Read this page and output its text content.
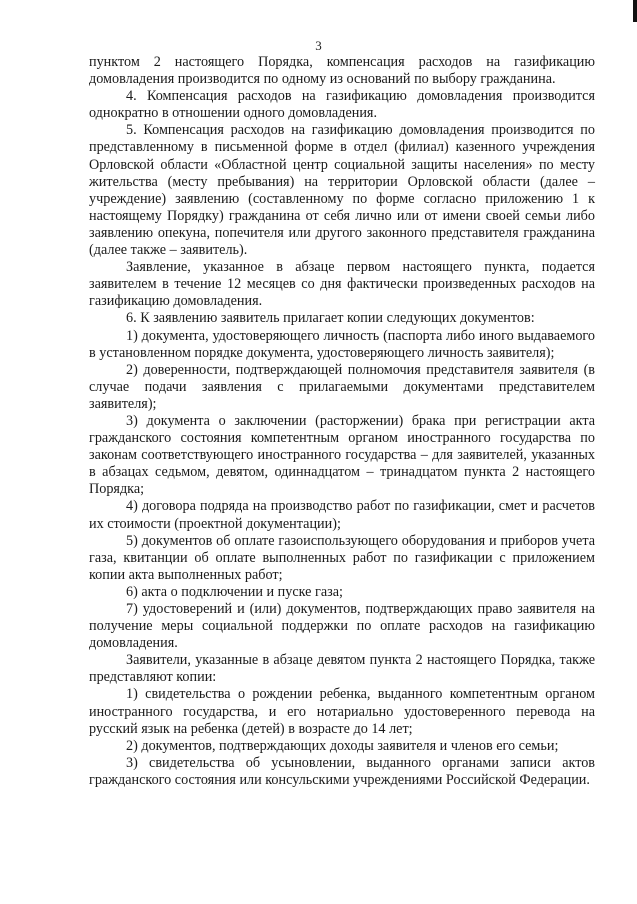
3

пунктом 2 настоящего Порядка, компенсация расходов на газификацию домовладения производится по одному из оснований по выбору гражданина.

4. Компенсация расходов на газификацию домовладения производится однократно в отношении одного домовладения.

5. Компенсация расходов на газификацию домовладения производится по представленному в письменной форме в отдел (филиал) казенного учреждения Орловской области «Областной центр социальной защиты населения» по месту жительства (месту пребывания) на территории Орловской области (далее – учреждение) заявлению (составленному по форме согласно приложению 1 к настоящему Порядку) гражданина от себя лично или от имени своей семьи либо заявлению опекуна, попечителя или другого законного представителя гражданина (далее также – заявитель).

Заявление, указанное в абзаце первом настоящего пункта, подается заявителем в течение 12 месяцев со дня фактически произведенных расходов на газификацию домовладения.

6. К заявлению заявитель прилагает копии следующих документов:

1) документа, удостоверяющего личность (паспорта либо иного выдаваемого в установленном порядке документа, удостоверяющего личность заявителя);

2) доверенности, подтверждающей полномочия представителя заявителя (в случае подачи заявления с прилагаемыми документами представителем заявителя);

3) документа о заключении (расторжении) брака при регистрации акта гражданского состояния компетентным органом иностранного государства по законам соответствующего иностранного государства – для заявителей, указанных в абзацах седьмом, девятом, одиннадцатом – тринадцатом пункта 2 настоящего Порядка;

4) договора подряда на производство работ по газификации, смет и расчетов их стоимости (проектной документации);

5) документов об оплате газоиспользующего оборудования и приборов учета газа, квитанции об оплате выполненных работ по газификации с приложением копии акта выполненных работ;

6) акта о подключении и пуске газа;

7) удостоверений и (или) документов, подтверждающих право заявителя на получение меры социальной поддержки по оплате расходов на газификацию домовладения.

Заявители, указанные в абзаце девятом пункта 2 настоящего Порядка, также представляют копии:

1) свидетельства о рождении ребенка, выданного компетентным органом иностранного государства, и его нотариально удостоверенного перевода на русский язык на ребенка (детей) в возрасте до 14 лет;

2) документов, подтверждающих доходы заявителя и членов его семьи;

3) свидетельства об усыновлении, выданного органами записи актов гражданского состояния или консульскими учреждениями Российской Федерации.
